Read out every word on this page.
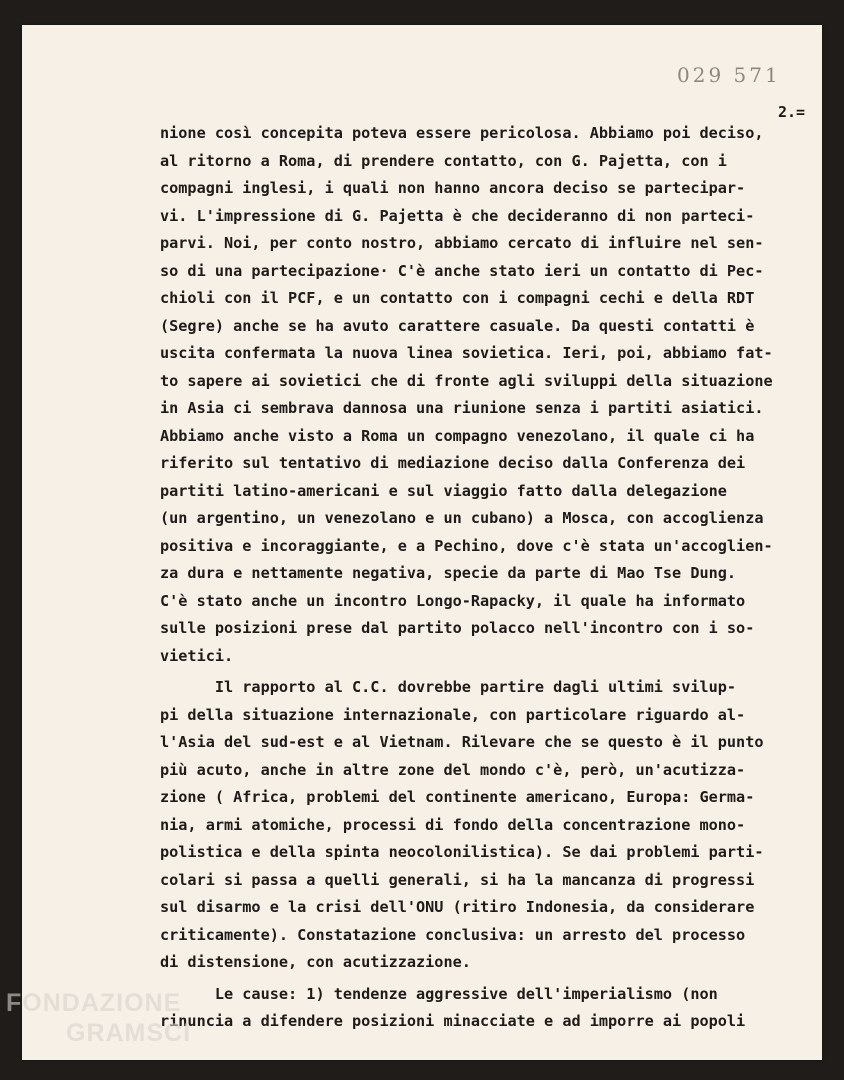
029 571

2.=

nione così concepita poteva essere pericolosa. Abbiamo poi deciso,
al ritorno a Roma, di prendere contatto, con G. Pajetta, con i
compagni inglesi, i quali non hanno ancora deciso se partecipar-
vi. L'impressione di G. Pajetta è che decideranno di non parteci-
parvi. Noi, per conto nostro, abbiamo cercato di influire nel sen-
so di una partecipazione· C'è anche stato ieri un contatto di Pec-
chioli con il PCF, e un contatto con i compagni cechi e della RDT
(Segre) anche se ha avuto carattere casuale. Da questi contatti è
uscita confermata la nuova linea sovietica. Ieri, poi, abbiamo fat-
to sapere ai sovietici che di fronte agli sviluppi della situazione
in Asia ci sembrava dannosa una riunione senza i partiti asiatici.
Abbiamo anche visto a Roma un compagno venezolano, il quale ci ha
riferito sul tentativo di mediazione deciso dalla Conferenza dei
partiti latino-americani e sul viaggio fatto dalla delegazione
(un argentino, un venezolano e un cubano) a Mosca, con accoglienza
positiva e incoraggiante, e a Pechino, dove c'è stata un'accoglien-
za dura e nettamente negativa, specie da parte di Mao Tse Dung.
C'è stato anche un incontro Longo-Rapacky, il quale ha informato
sulle posizioni prese dal partito polacco nell'incontro con i so-
vietici.
Il rapporto al C.C. dovrebbe partire dagli ultimi svilup-
pi della situazione internazionale, con particolare riguardo al-
l'Asia del sud-est e al Vietnam. Rilevare che se questo è il punto
più acuto, anche in altre zone del mondo c'è, però, un'acutizza-
zione ( Africa, problemi del continente americano, Europa: Germa-
nia, armi atomiche, processi di fondo della concentrazione mono-
polistica e della spinta neocolonilistica). Se dai problemi parti-
colari si passa a quelli generali, si ha la mancanza di progressi
sul disarmo e la crisi dell'ONU (ritiro Indonesia, da considerare
criticamente). Constatazione conclusiva: un arresto del processo
di distensione, con acutizzazione.
Le cause: 1) tendenze aggressive dell'imperialismo (non
rinuncia a difendere posizioni minacciate e ad imporre ai popoli
FONDAZIONE
GRAMSCI
